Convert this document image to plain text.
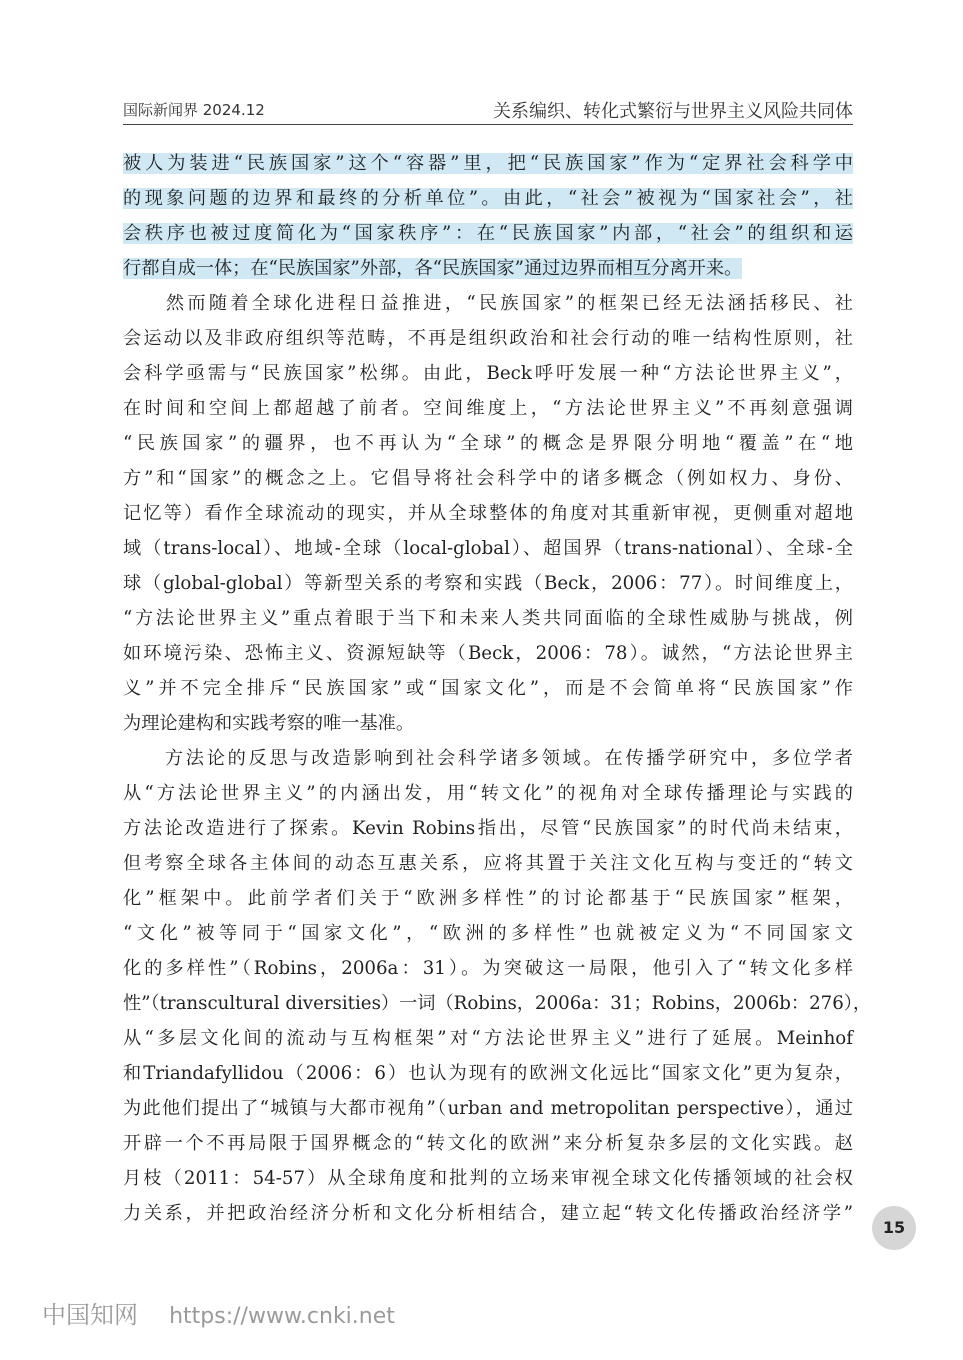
国际新闻界 2024.12	关系编织、转化式繁衍与世界主义风险共同体
被人为装进“民族国家”这个“容器”里，把“民族国家”作为“定界社会科学中
的现象问题的边界和最终的分析单位”。由此，“社会”被视为“国家社会”，社
会秩序也被过度简化为“国家秩序”：在“民族国家”内部，“社会”的组织和运
行都自成一体；在“民族国家”外部，各“民族国家”通过边界而相互分离开来。
　　然而随着全球化进程日益推进，“民族国家”的框架已经无法涵括移民、社
会运动以及非政府组织等范畴，不再是组织政治和社会行动的唯一结构性原则，社
会科学亟需与“民族国家”松绑。由此，Beck呼吁发展一种“方法论世界主义”，
在时间和空间上都超越了前者。空间维度上，“方法论世界主义”不再刻意强调
“民族国家”的疆界，也不再认为“全球”的概念是界限分明地“覆盖”在“地
方”和“国家”的概念之上。它倡导将社会科学中的诸多概念（例如权力、身份、
记忆等）看作全球流动的现实，并从全球整体的角度对其重新审视，更侧重对超地
域（trans-local）、地域-全球（local-global）、超国界（trans-national）、全球-全
球（global-global）等新型关系的考察和实践（Beck，2006：77）。时间维度上，
“方法论世界主义”重点着眼于当下和未来人类共同面临的全球性威胁与挑战，例
如环境污染、恐怖主义、资源短缺等（Beck，2006：78）。诚然，“方法论世界主
义”并不完全排斥“民族国家”或“国家文化”，而是不会简单将“民族国家”作
为理论建构和实践考察的唯一基准。
　　方法论的反思与改造影响到社会科学诸多领域。在传播学研究中，多位学者
从“方法论世界主义”的内涵出发，用“转文化”的视角对全球传播理论与实践的
方法论改造进行了探索。Kevin Robins指出，尽管“民族国家”的时代尚未结束，
但考察全球各主体间的动态互惠关系，应将其置于关注文化互构与变迁的“转文
化”框架中。此前学者们关于“欧洲多样性”的讨论都基于“民族国家”框架，
“文化”被等同于“国家文化”，“欧洲的多样性”也就被定义为“不同国家文
化的多样性”（Robins，2006a：31）。为突破这一局限，他引入了“转文化多样
性”（transcultural diversities）一词（Robins，2006a：31；Robins，2006b：276），
从“多层文化间的流动与互构框架”对“方法论世界主义”进行了延展。Meinhof
和Triandafyllidou（2006：6）也认为现有的欧洲文化远比“国家文化”更为复杂，
为此他们提出了“城镇与大都市视角”（urban and metropolitan perspective），通过
开辟一个不再局限于国界概念的“转文化的欧洲”来分析复杂多层的文化实践。赵
月枝（2011：54-57）从全球角度和批判的立场来审视全球文化传播领域的社会权
力关系，并把政治经济分析和文化分析相结合，建立起“转文化传播政治经济学”
15
中国知网 https://www.cnki.net
